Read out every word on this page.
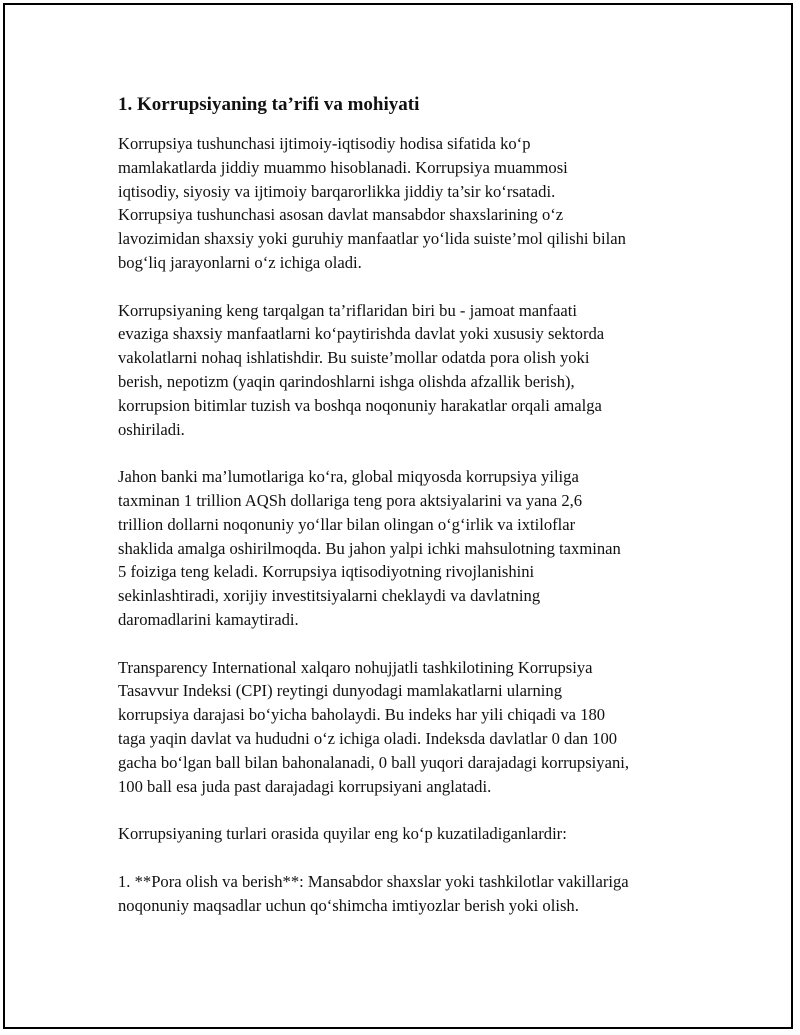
1. Korrupsiyaning ta’rifi va mohiyati
Korrupsiya tushunchasi ijtimoiy-iqtisodiy hodisa sifatida ko‘p
mamlakatlarda jiddiy muammo hisoblanadi. Korrupsiya muammosi
iqtisodiy, siyosiy va ijtimoiy barqarorlikka jiddiy ta’sir ko‘rsatadi.
Korrupsiya tushunchasi asosan davlat mansabdor shaxslarining o‘z
lavozimidan shaxsiy yoki guruhiy manfaatlar yo‘lida suiste’mol qilishi bilan
bog‘liq jarayonlarni o‘z ichiga oladi.
Korrupsiyaning keng tarqalgan ta’riflaridan biri bu - jamoat manfaati
evaziga shaxsiy manfaatlarni ko‘paytirishda davlat yoki xususiy sektorda
vakolatlarni nohaq ishlatishdir. Bu suiste’mollar odatda pora olish yoki
berish, nepotizm (yaqin qarindoshlarni ishga olishda afzallik berish),
korrupsion bitimlar tuzish va boshqa noqonuniy harakatlar orqali amalga
oshiriladi.
Jahon banki ma’lumotlariga ko‘ra, global miqyosda korrupsiya yiliga
taxminan 1 trillion AQSh dollariga teng pora aktsiyalarini va yana 2,6
trillion dollarni noqonuniy yo‘llar bilan olingan o‘g‘irlik va ixtiloflar
shaklida amalga oshirilmoqda. Bu jahon yalpi ichki mahsulotning taxminan
5 foiziga teng keladi. Korrupsiya iqtisodiyotning rivojlanishini
sekinlashtiradi, xorijiy investitsiyalarni cheklaydi va davlatning
daromadlarini kamaytiradi.
Transparency International xalqaro nohujjatli tashkilotining Korrupsiya
Tasavvur Indeksi (CPI) reytingi dunyodagi mamlakatlarni ularning
korrupsiya darajasi bo‘yicha baholaydi. Bu indeks har yili chiqadi va 180
taga yaqin davlat va hududni o‘z ichiga oladi. Indeksda davlatlar 0 dan 100
gacha bo‘lgan ball bilan bahonalanadi, 0 ball yuqori darajadagi korrupsiyani,
100 ball esa juda past darajadagi korrupsiyani anglatadi.
Korrupsiyaning turlari orasida quyilar eng ko‘p kuzatiladiganlardir:
1. **Pora olish va berish**: Mansabdor shaxslar yoki tashkilotlar vakillariga
noqonuniy maqsadlar uchun qo‘shimcha imtiyozlar berish yoki olish.
